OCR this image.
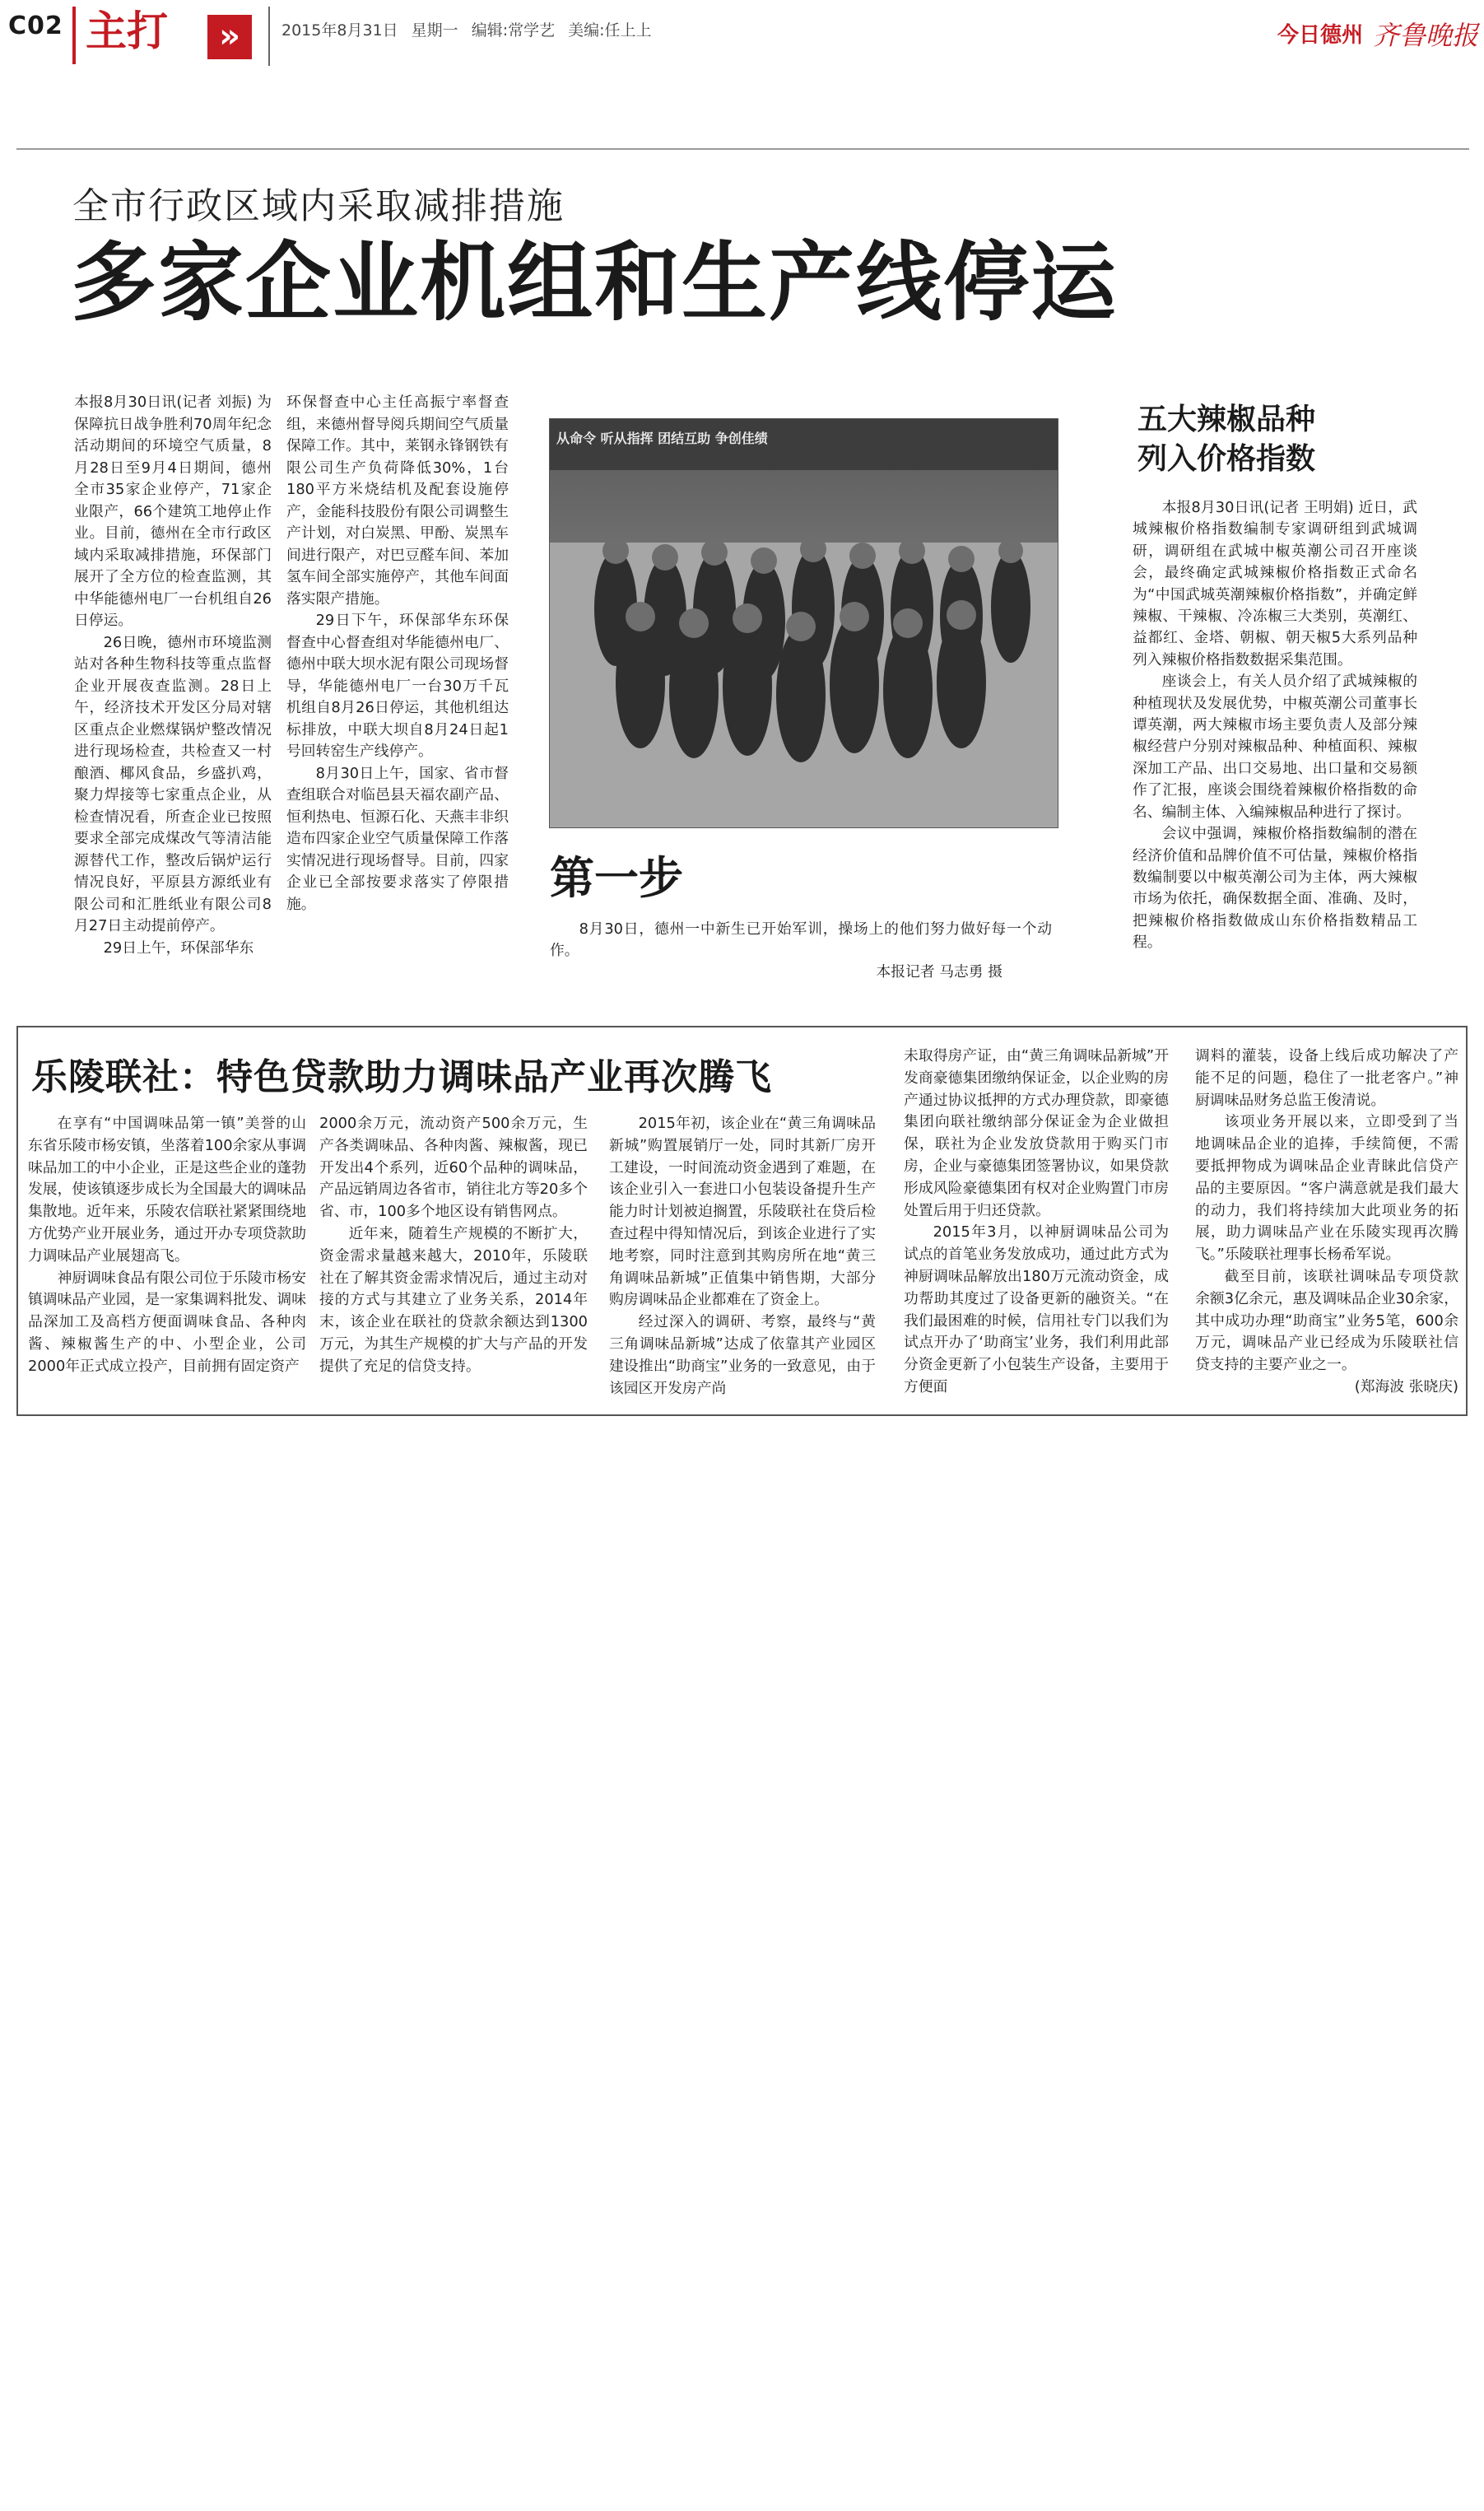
C02 主打	»	2015年8月31日 星期一 编辑:常学艺 美编:任上上	今日德州 齐鲁晚报
全市行政区域内采取减排措施
多家企业机组和生产线停运

本报8月30日讯(记者 刘振) 为保障抗日战争胜利70周年纪念活动期间的环境空气质量，8月28日至9月4日期间，德州全市35家企业停产，71家企业限产，66个建筑工地停止作业。目前，德州在全市行政区域内采取减排措施，环保部门展开了全方位的检查监测，其中华能德州电厂一台机组自26日停运。

26日晚，德州市环境监测站对各种生物科技等重点监督企业开展夜查监测。28日上午，经济技术开发区分局对辖区重点企业燃煤锅炉整改情况进行现场检查，共检查又一村酿酒、椰风食品，乡盛扒鸡，聚力焊接等七家重点企业，从检查情况看，所查企业已按照要求全部完成煤改气等清洁能源替代工作，整改后锅炉运行情况良好，平原县方源纸业有限公司和汇胜纸业有限公司8月27日主动提前停产。

29日上午，环保部华东

环保督查中心主任高振宁率督查组，来德州督导阅兵期间空气质量保障工作。其中，莱钢永锋钢铁有限公司生产负荷降低30%，1台180平方米烧结机及配套设施停产，金能科技股份有限公司调整生产计划，对白炭黑、甲酚、炭黑车间进行限产，对巴豆醛车间、苯加氢车间全部实施停产，其他车间面落实限产措施。

29日下午，环保部华东环保督查中心督查组对华能德州电厂、德州中联大坝水泥有限公司现场督导，华能德州电厂一台30万千瓦机组自8月26日停运，其他机组达标排放，中联大坝自8月24日起1号回转窑生产线停产。

8月30日上午，国家、省市督查组联合对临邑县天福农副产品、恒利热电、恒源石化、天燕丰非织造布四家企业空气质量保障工作落实情况进行现场督导。目前，四家企业已全部按要求落实了停限措施。

从命令 听从指挥 团结互助 争创佳绩
第一步
8月30日，德州一中新生已开始军训，操场上的他们努力做好每一个动作。
本报记者 马志勇 摄
五大辣椒品种
列入价格指数

本报8月30日讯(记者 王明娟) 近日，武城辣椒价格指数编制专家调研组到武城调研，调研组在武城中椒英潮公司召开座谈会，最终确定武城辣椒价格指数正式命名为“中国武城英潮辣椒价格指数”，并确定鲜辣椒、干辣椒、冷冻椒三大类别，英潮红、益都红、金塔、朝椒、朝天椒5大系列品种列入辣椒价格指数数据采集范围。

座谈会上，有关人员介绍了武城辣椒的种植现状及发展优势，中椒英潮公司董事长谭英潮，两大辣椒市场主要负责人及部分辣椒经营户分别对辣椒品种、种植面积、辣椒深加工产品、出口交易地、出口量和交易额作了汇报，座谈会围绕着辣椒价格指数的命名、编制主体、入编辣椒品种进行了探讨。

会议中强调，辣椒价格指数编制的潜在经济价值和品牌价值不可估量，辣椒价格指数编制要以中椒英潮公司为主体，两大辣椒市场为依托，确保数据全面、准确、及时，把辣椒价格指数做成山东价格指数精品工程。

乐陵联社：特色贷款助力调味品产业再次腾飞

在享有“中国调味品第一镇”美誉的山东省乐陵市杨安镇，坐落着100余家从事调味品加工的中小企业，正是这些企业的蓬勃发展，使该镇逐步成长为全国最大的调味品集散地。近年来，乐陵农信联社紧紧围绕地方优势产业开展业务，通过开办专项贷款助力调味品产业展翅高飞。

神厨调味食品有限公司位于乐陵市杨安镇调味品产业园，是一家集调料批发、调味品深加工及高档方便面调味食品、各种肉酱、辣椒酱生产的中、小型企业，公司2000年正式成立投产，目前拥有固定资产

2000余万元，流动资产500余万元，生产各类调味品、各种肉酱、辣椒酱，现已开发出4个系列，近60个品种的调味品，产品远销周边各省市，销往北方等20多个省、市，100多个地区设有销售网点。

近年来，随着生产规模的不断扩大，资金需求量越来越大，2010年，乐陵联社在了解其资金需求情况后，通过主动对接的方式与其建立了业务关系，2014年末，该企业在联社的贷款余额达到1300万元，为其生产规模的扩大与产品的开发提供了充足的信贷支持。

2015年初，该企业在“黄三角调味品新城”购置展销厅一处，同时其新厂房开工建设，一时间流动资金遇到了难题，在该企业引入一套进口小包装设备提升生产能力时计划被迫搁置，乐陵联社在贷后检查过程中得知情况后，到该企业进行了实地考察，同时注意到其购房所在地“黄三角调味品新城”正值集中销售期，大部分购房调味品企业都难在了资金上。

经过深入的调研、考察，最终与“黄三角调味品新城”达成了依靠其产业园区建设推出“助商宝”业务的一致意见，由于该园区开发房产尚

未取得房产证，由“黄三角调味品新城”开发商豪德集团缴纳保证金，以企业购的房产通过协议抵押的方式办理贷款，即豪德集团向联社缴纳部分保证金为企业做担保，联社为企业发放贷款用于购买门市房，企业与豪德集团签署协议，如果贷款形成风险豪德集团有权对企业购置门市房处置后用于归还贷款。

2015年3月，以神厨调味品公司为试点的首笔业务发放成功，通过此方式为神厨调味品解放出180万元流动资金，成功帮助其度过了设备更新的融资关。“在我们最困难的时候，信用社专门以我们为试点开办了‘助商宝’业务，我们利用此部分资金更新了小包装生产设备，主要用于方便面

调料的灌装，设备上线后成功解决了产能不足的问题，稳住了一批老客户。”神厨调味品财务总监王俊清说。

该项业务开展以来，立即受到了当地调味品企业的追捧，手续简便，不需要抵押物成为调味品企业青睐此信贷产品的主要原因。“客户满意就是我们最大的动力，我们将持续加大此项业务的拓展，助力调味品产业在乐陵实现再次腾飞。”乐陵联社理事长杨希军说。

截至目前，该联社调味品专项贷款余额3亿余元，惠及调味品企业30余家，其中成功办理“助商宝”业务5笔，600余万元，调味品产业已经成为乐陵联社信贷支持的主要产业之一。

(郑海波 张晓庆)
